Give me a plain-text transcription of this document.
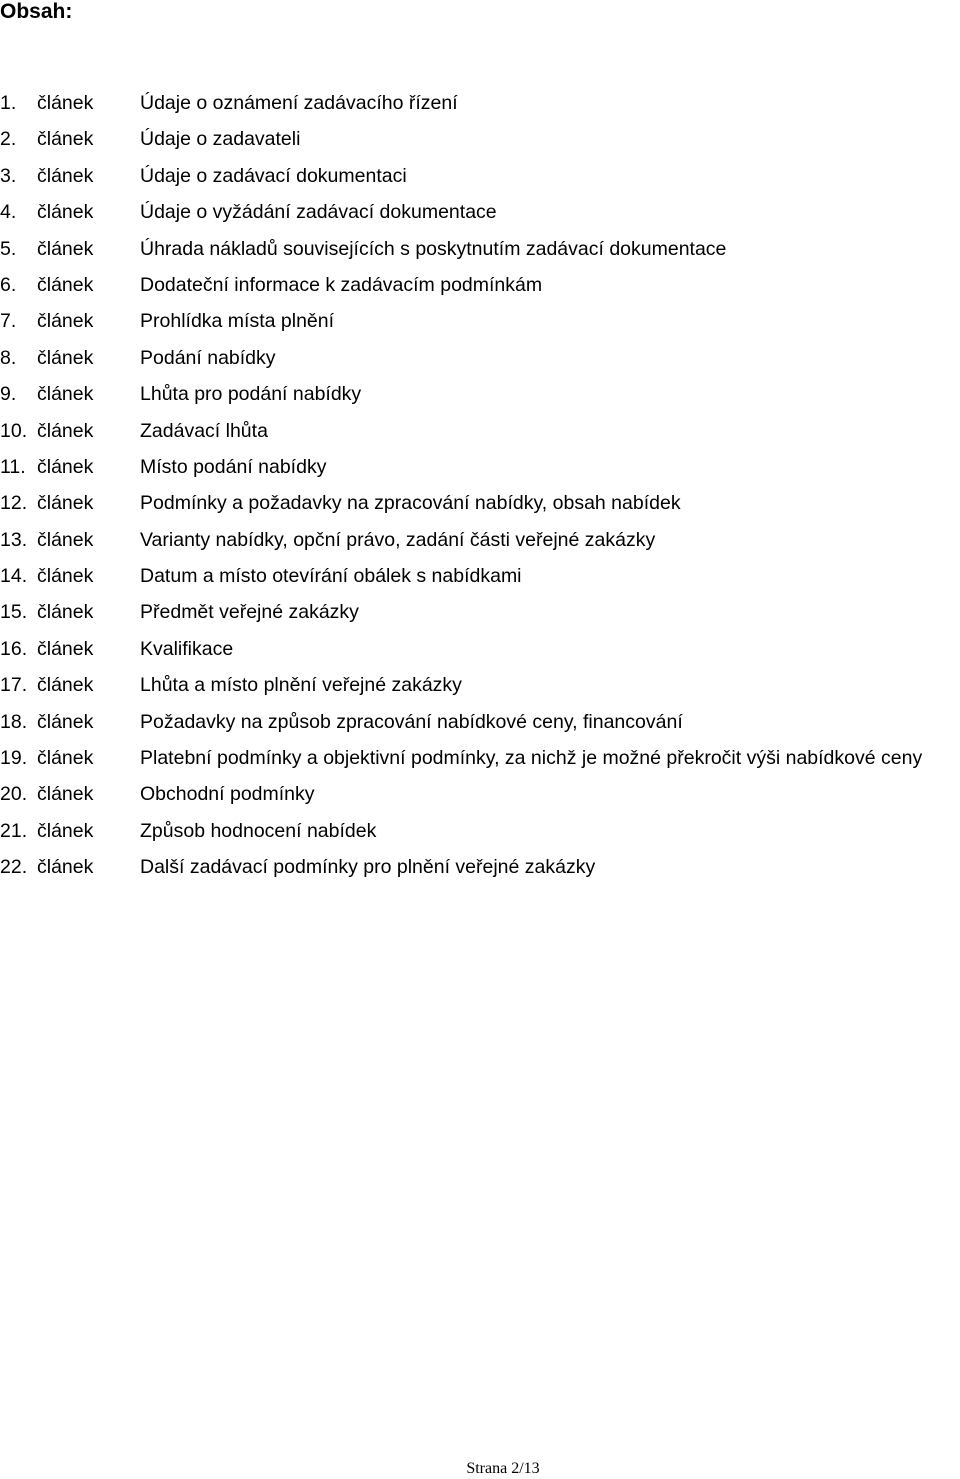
Obsah:
1.	článek	Údaje o oznámení zadávacího řízení
2.	článek	Údaje o zadavateli
3.	článek	Údaje o zadávací dokumentaci
4.	článek	Údaje o vyžádání zadávací dokumentace
5.	článek	Úhrada nákladů souvisejících s poskytnutím zadávací dokumentace
6.	článek	Dodateční informace k zadávacím podmínkám
7.	článek	Prohlídka místa plnění
8.	článek	Podání nabídky
9.	článek	Lhůta pro podání nabídky
10. článek	Zadávací lhůta
11. článek	Místo podání nabídky
12. článek	Podmínky a požadavky na zpracování nabídky, obsah nabídek
13. článek	Varianty nabídky, opční právo, zadání části veřejné zakázky
14. článek	Datum a místo otevírání obálek s nabídkami
15. článek	Předmět veřejné zakázky
16. článek	Kvalifikace
17. článek	Lhůta a místo plnění veřejné zakázky
18. článek	Požadavky na způsob zpracování nabídkové ceny, financování
19. článek	Platební podmínky a objektivní podmínky, za nichž je možné překročit výši nabídkové ceny
20. článek	Obchodní podmínky
21. článek	Způsob hodnocení nabídek
22. článek	Další zadávací podmínky pro plnění veřejné zakázky
Strana 2/13
